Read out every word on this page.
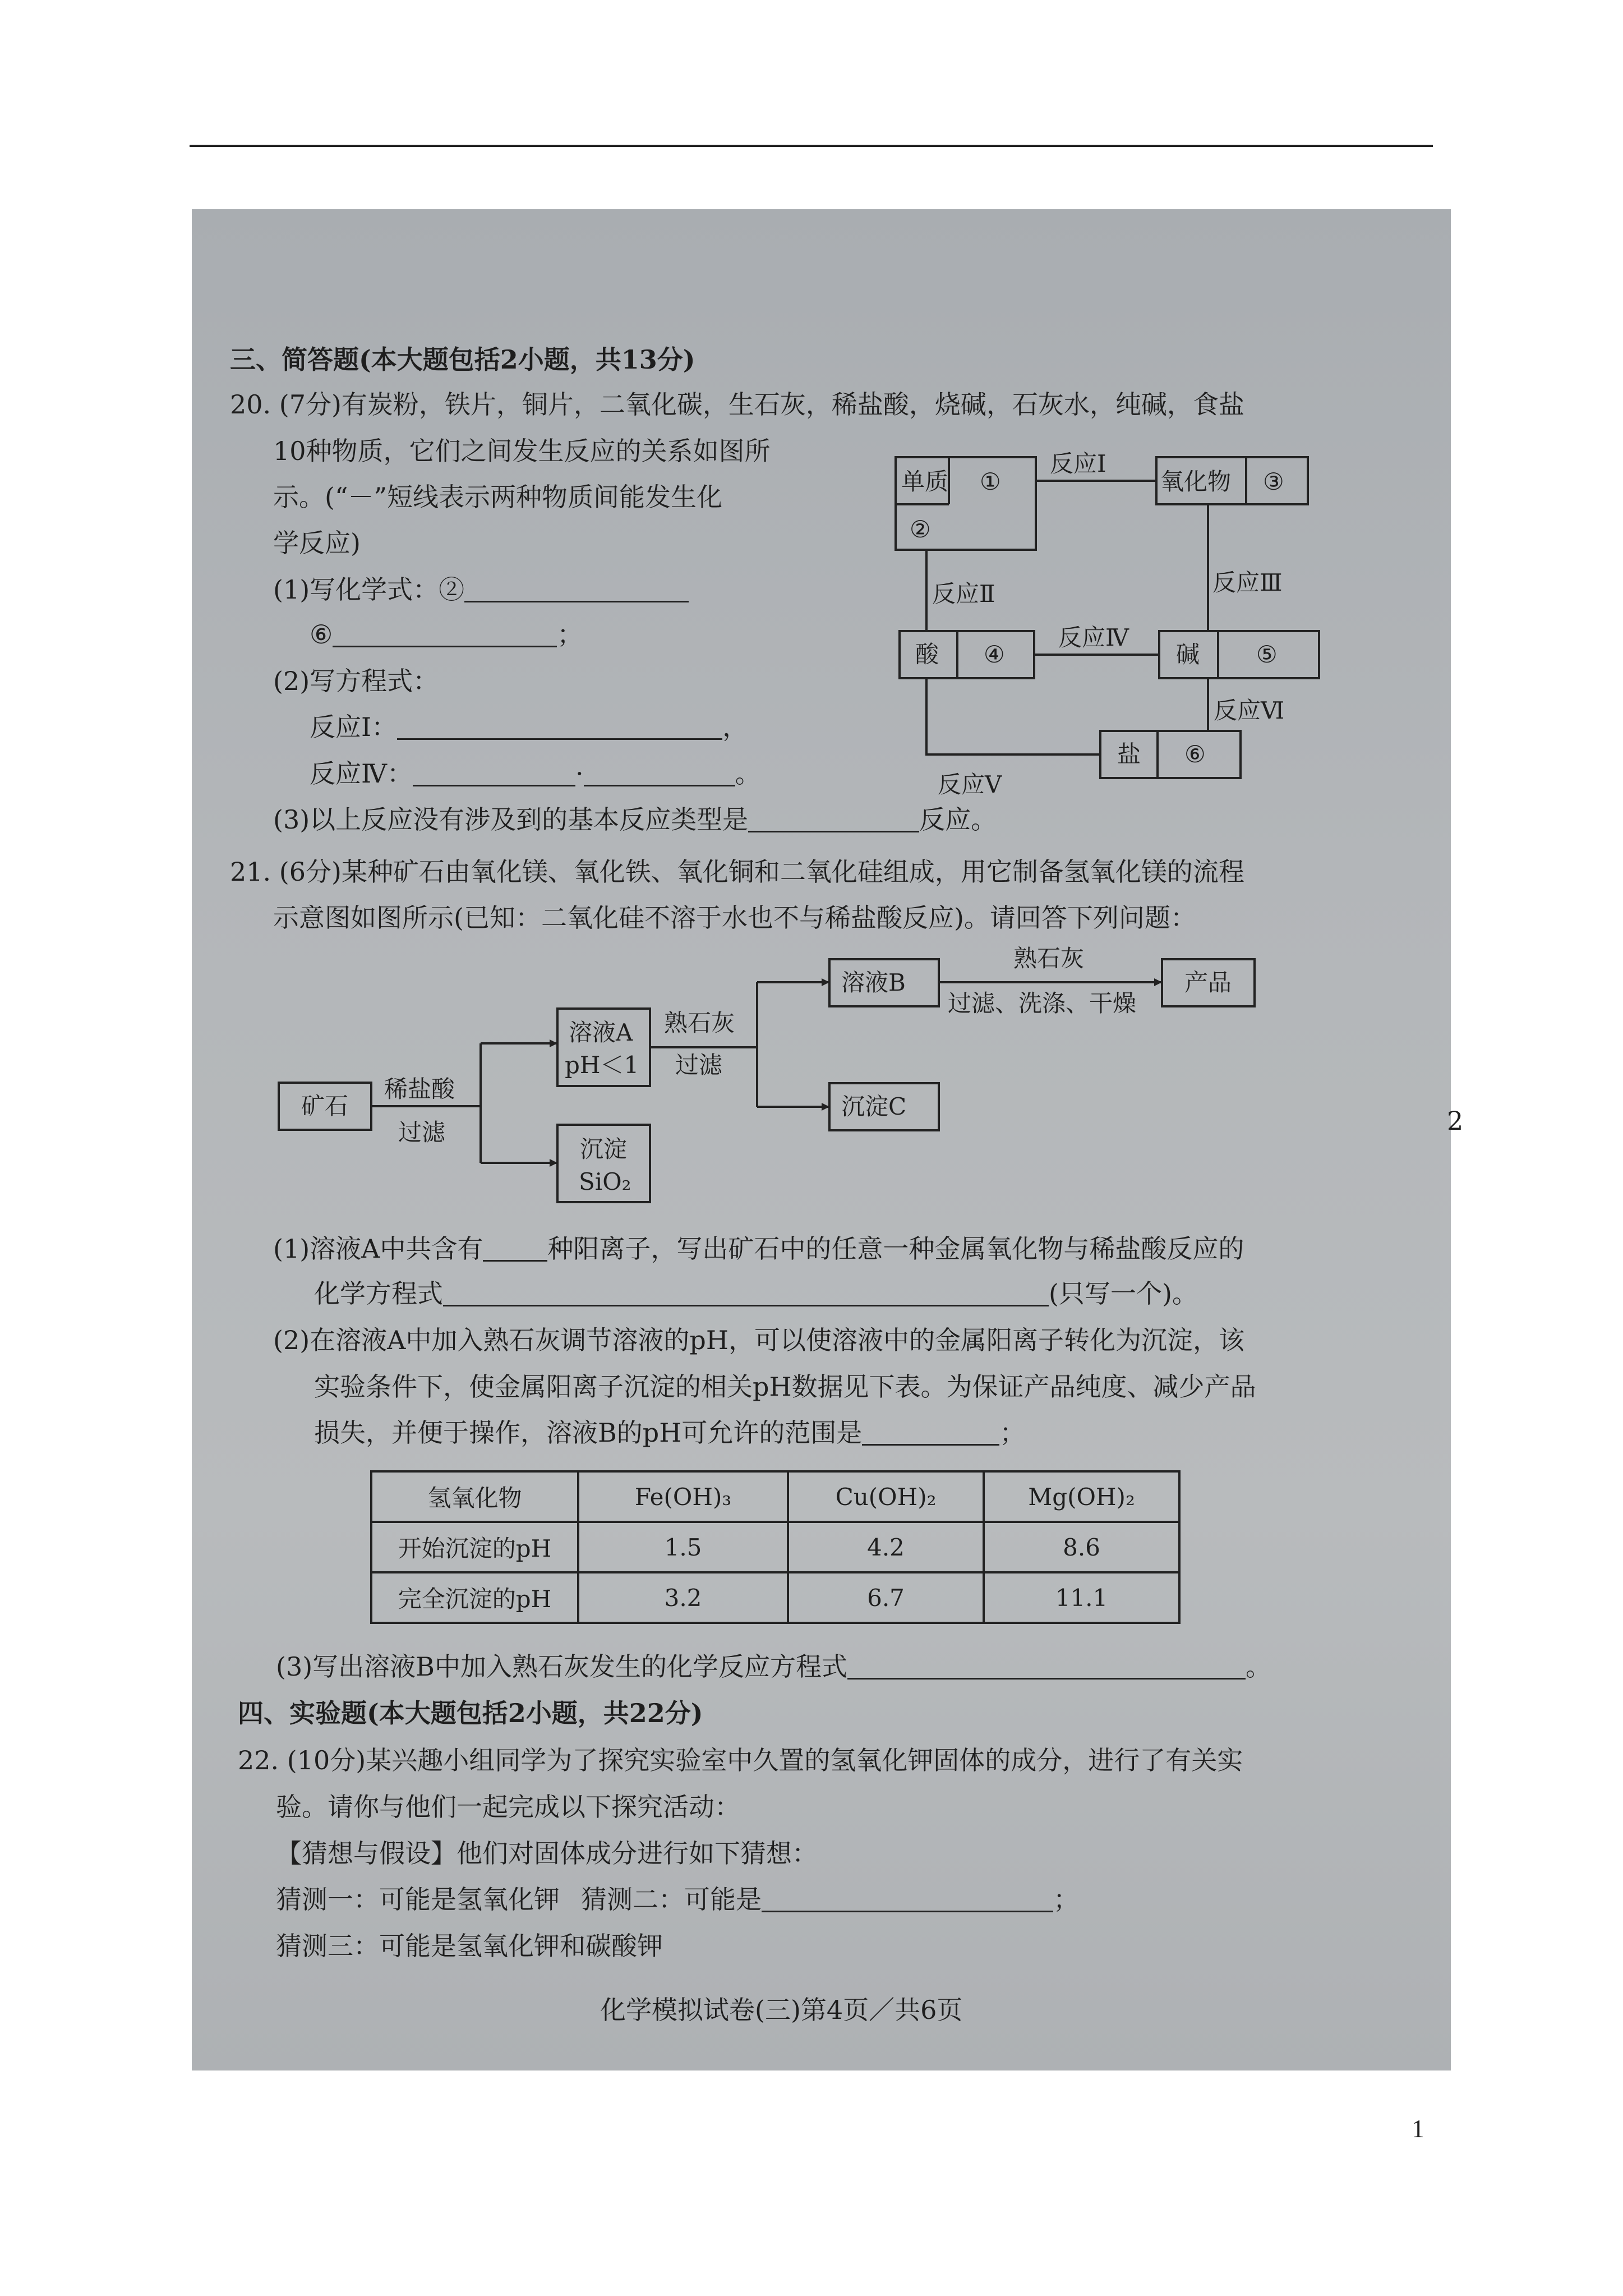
三、简答题(本大题包括2小题，共13分)
20. (7分)有炭粉，铁片，铜片，二氧化碳，生石灰，稀盐酸，烧碱，石灰水，纯碱，食盐
10种物质，它们之间发生反应的关系如图所
示。(“－”短线表示两种物质间能发生化
学反应)
(1)写化学式：②
⑥	；
(2)写方程式：
反应Ⅰ：	，
反应Ⅳ：	·	。
(3)以上反应没有涉及到的基本反应类型是	反应。
单质 ①
②
氧化物 ③
反应Ⅰ
反应Ⅱ	反应Ⅲ
酸 ④	碱 ⑤
反应Ⅳ
盐 ⑥
反应Ⅴ
反应Ⅵ
21. (6分)某种矿石由氧化镁、氧化铁、氧化铜和二氧化硅组成，用它制备氢氧化镁的流程
示意图如图所示(已知：二氧化硅不溶于水也不与稀盐酸反应)。请回答下列问题：
矿石
稀盐酸
过滤
溶液A
pH＜1
沉淀
SiO₂
熟石灰
过滤
溶液B
沉淀C
熟石灰
过滤、洗涤、干燥
产品
(1)溶液A中共含有	种阳离子，写出矿石中的任意一种金属氧化物与稀盐酸反应的
化学方程式	(只写一个)。
(2)在溶液A中加入熟石灰调节溶液的pH，可以使溶液中的金属阳离子转化为沉淀，该
实验条件下，使金属阳离子沉淀的相关pH数据见下表。为保证产品纯度、减少产品
损失，并便于操作，溶液B的pH可允许的范围是	；
氢氧化物	Fe(OH)₃	Cu(OH)₂	Mg(OH)₂
开始沉淀的pH	1.5	4.2	8.6
完全沉淀的pH	3.2	6.7	11.1
(3)写出溶液B中加入熟石灰发生的化学反应方程式	。
四、实验题(本大题包括2小题，共22分)
22. (10分)某兴趣小组同学为了探究实验室中久置的氢氧化钾固体的成分，进行了有关实
验。请你与他们一起完成以下探究活动：
【猜想与假设】他们对固体成分进行如下猜想：
猜测一：可能是氢氧化钾 猜测二：可能是	；
猜测三：可能是氢氧化钾和碳酸钾
化学模拟试卷(三)第4页／共6页
2
1
